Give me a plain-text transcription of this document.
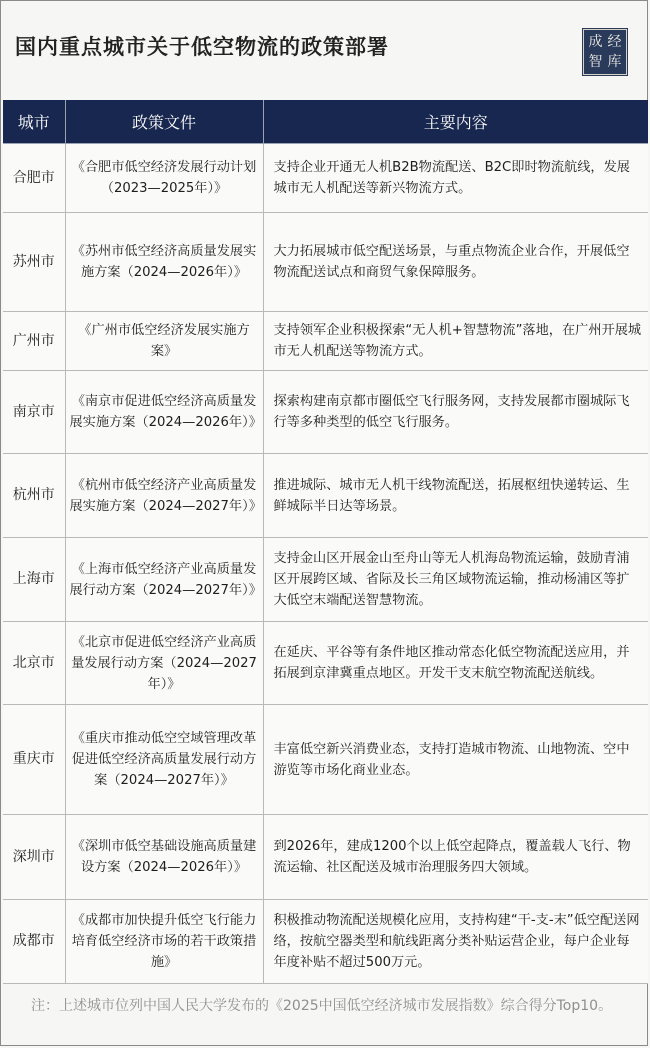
国内重点城市关于低空物流的政策部署	成 经
智 库
城市	政策文件	主要内容
合肥市	《合肥市低空经济发展行动计划（2023—2025年）》	支持企业开通无人机B2B物流配送、B2C即时物流航线，发展城市无人机配送等新兴物流方式。
苏州市	《苏州市低空经济高质量发展实施方案（2024—2026年）》	大力拓展城市低空配送场景，与重点物流企业合作，开展低空物流配送试点和商贸气象保障服务。
广州市	《广州市低空经济发展实施方案》	支持领军企业积极探索“无人机+智慧物流”落地，在广州开展城市无人机配送等物流方式。
南京市	《南京市促进低空经济高质量发展实施方案（2024—2026年）》	探索构建南京都市圈低空飞行服务网，支持发展都市圈城际飞行等多种类型的低空飞行服务。
杭州市	《杭州市低空经济产业高质量发展实施方案（2024—2027年）》	推进城际、城市无人机干线物流配送，拓展枢纽快递转运、生鲜城际半日达等场景。
上海市	《上海市低空经济产业高质量发展行动方案（2024—2027年）》	支持金山区开展金山至舟山等无人机海岛物流运输，鼓励青浦区开展跨区域、省际及长三角区域物流运输，推动杨浦区等扩大低空末端配送智慧物流。
北京市	《北京市促进低空经济产业高质量发展行动方案（2024—2027年）》	在延庆、平谷等有条件地区推动常态化低空物流配送应用，并拓展到京津冀重点地区。开发干支末航空物流配送航线。
重庆市	《重庆市推动低空空域管理改革促进低空经济高质量发展行动方案（2024—2027年）》	丰富低空新兴消费业态，支持打造城市物流、山地物流、空中游览等市场化商业业态。
深圳市	《深圳市低空基础设施高质量建设方案（2024—2026年）》	到2026年，建成1200个以上低空起降点，覆盖载人飞行、物流运输、社区配送及城市治理服务四大领域。
成都市	《成都市加快提升低空飞行能力 培育低空经济市场的若干政策措施》	积极推动物流配送规模化应用，支持构建“干-支-末”低空配送网络，按航空器类型和航线距离分类补贴运营企业，每户企业每年度补贴不超过500万元。
注：上述城市位列中国人民大学发布的《2025中国低空经济城市发展指数》综合得分Top10。
